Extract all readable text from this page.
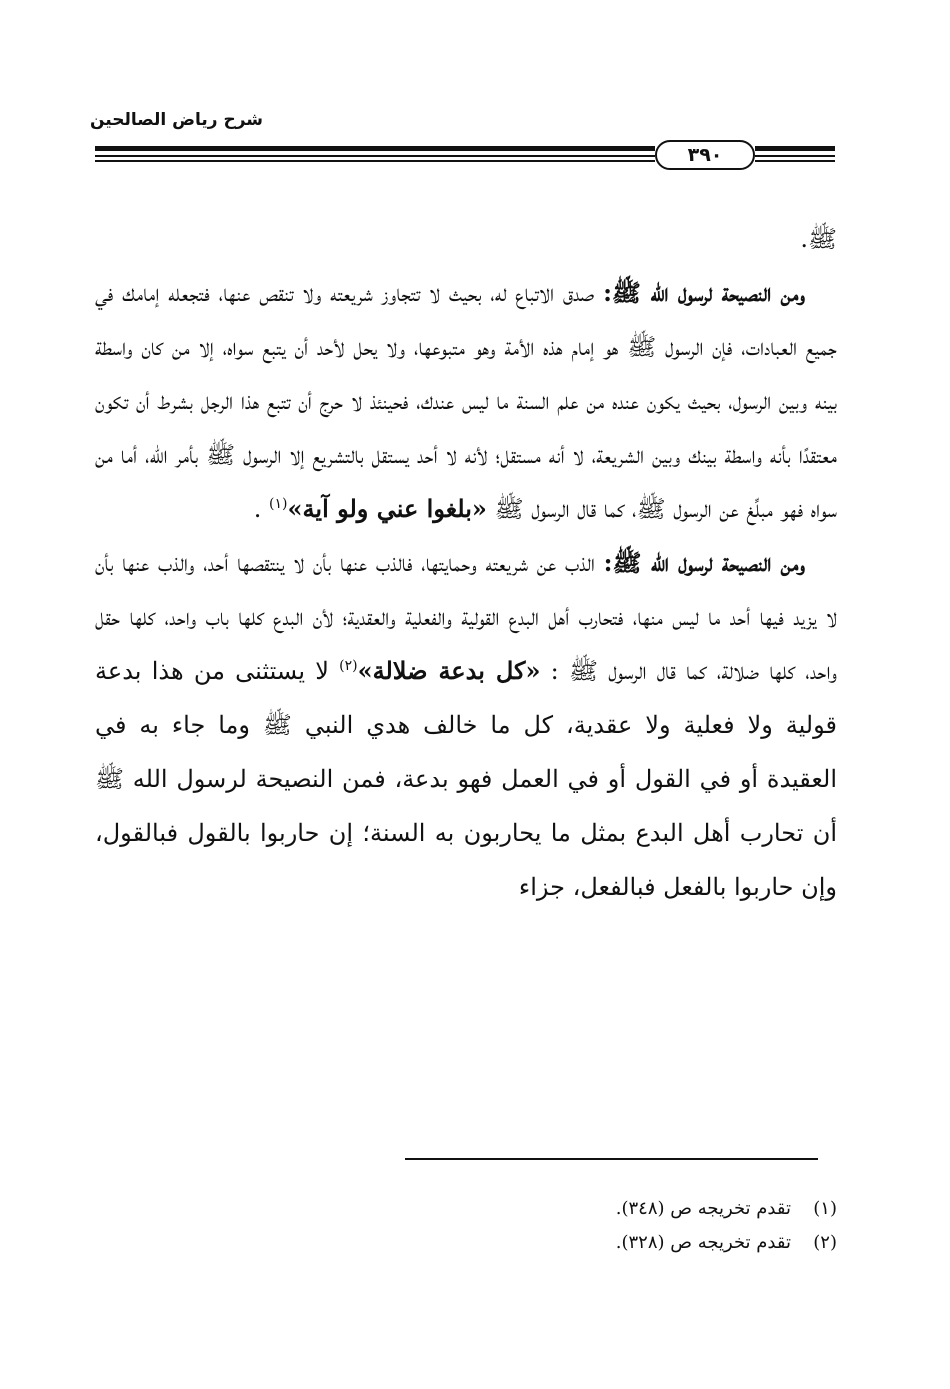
شرح رياض الصالحين
٣٩٠

ﷺ.

ومن النصيحة لرسول الله ﷺ: صدق الاتباع له، بحيث لا تتجاوز شريعته ولا تنقص عنها، فتجعله إمامك في جميع العبادات، فإن الرسول ﷺ هو إمام هذه الأمة وهو متبوعها، ولا يحل لأحد أن يتبع سواه، إلا من كان واسطة بينه وبين الرسول، بحيث يكون عنده من علم السنة ما ليس عندك، فحينئذ لا حرج أن تتبع هذا الرجل بشرط أن تكون معتقدًا بأنه واسطة بينك وبين الشريعة، لا أنه مستقل؛ لأنه لا أحد يستقل بالتشريع إلا الرسول ﷺ بأمر الله، أما من سواه فهو مبلِّغ عن الرسول ﷺ، كما قال الرسول ﷺ «بلغوا عني ولو آية»$^{(١)}$ .

ومن النصيحة لرسول الله ﷺ: الذب عن شريعته وحمايتها، فالذب عنها بأن لا ينتقصها أحد، والذب عنها بأن لا يزيد فيها أحد ما ليس منها، فتحارب أهل البدع القولية والفعلية والعقدية؛ لأن البدع كلها باب واحد، كلها حقل واحد، كلها ضلالة، كما قال الرسول ﷺ : «كل بدعة ضلالة»$^{(٢)}$ لا يستثنى من هذا بدعة قولية ولا فعلية ولا عقدية، كل ما خالف هدي النبي ﷺ وما جاء به في العقيدة أو في القول أو في العمل فهو بدعة، فمن النصيحة لرسول الله ﷺ أن تحارب أهل البدع بمثل ما يحاربون به السنة؛ إن حاربوا بالقول فبالقول، وإن حاربوا بالفعل فبالفعل، جزاء

(١)تقدم تخريجه ص (٣٤٨).
(٢)تقدم تخريجه ص (٣٢٨).
